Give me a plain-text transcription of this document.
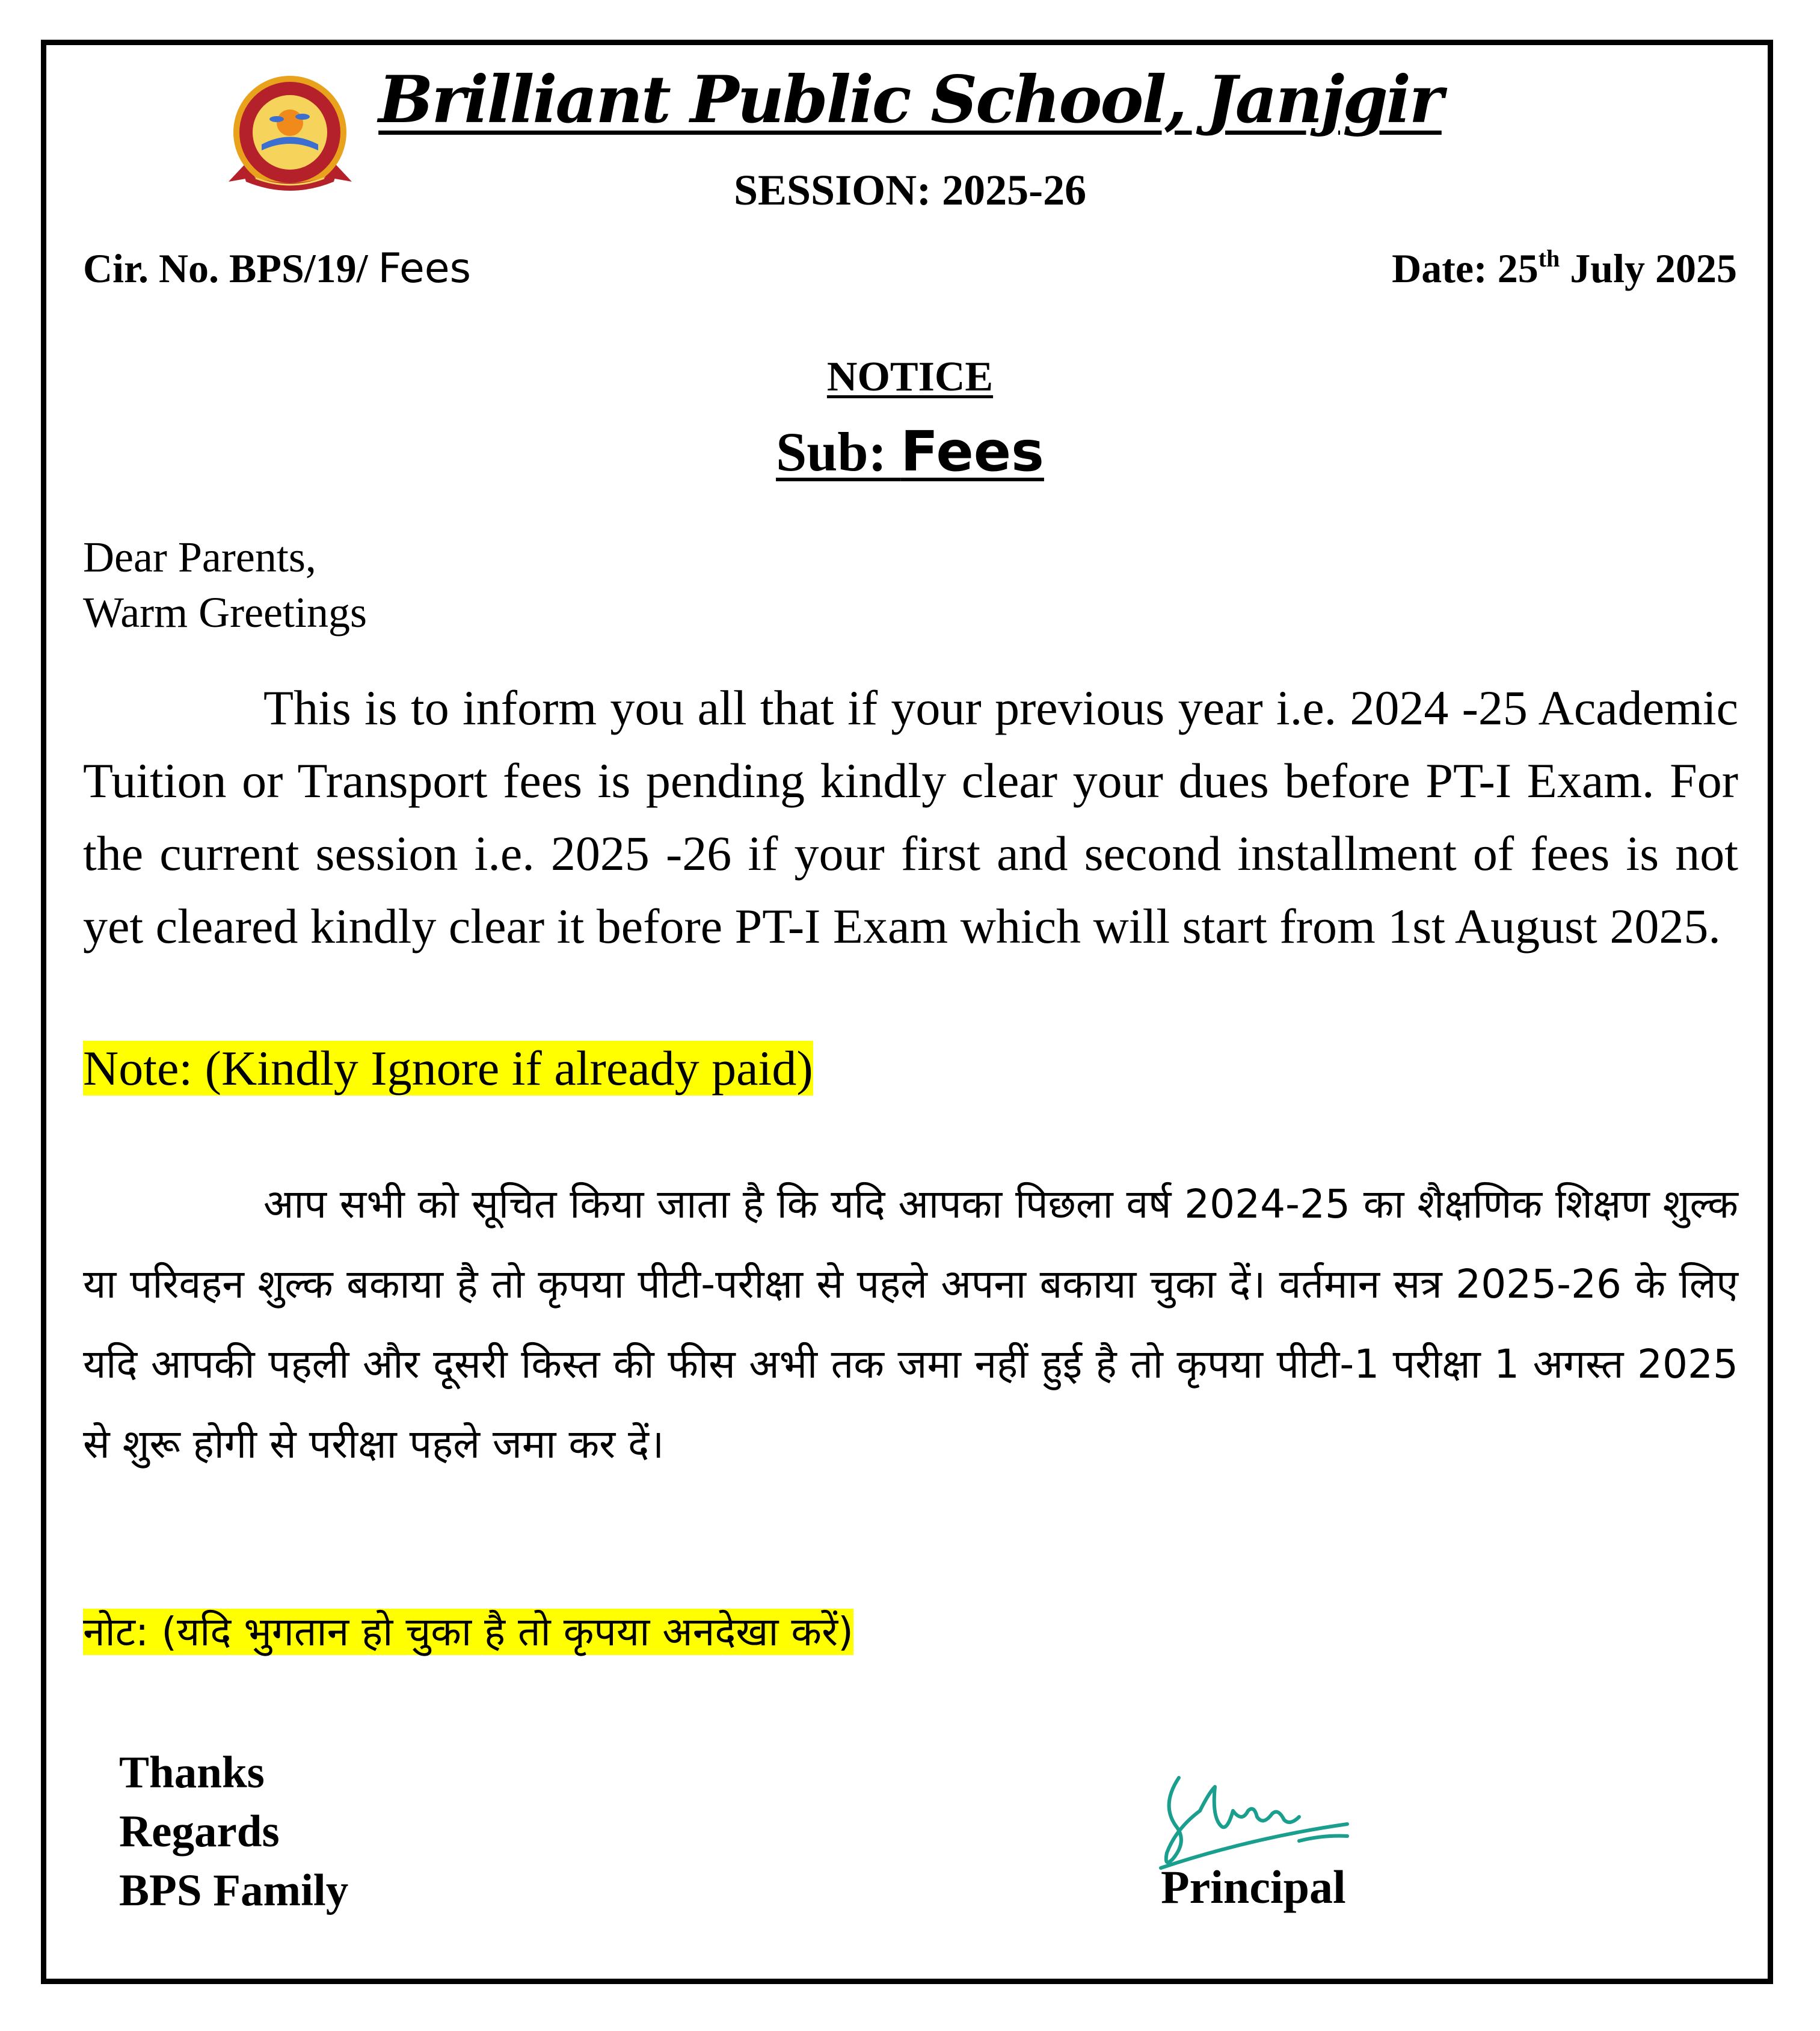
Brilliant Public School, Janjgir
SESSION: 2025-26
Cir. No. BPS/19/ Fees	Date: 25th July 2025
NOTICE
Sub: Fees
Dear Parents,
Warm Greetings
This is to inform you all that if your previous year i.e. 2024 -25 Academic Tuition or Transport fees is pending kindly clear your dues before PT-I Exam. For the current session i.e. 2025 -26 if your first and second installment of fees is not yet cleared kindly clear it before PT-I Exam which will start from 1st August 2025.
Note: (Kindly Ignore if already paid)
आप सभी को सूचित किया जाता है कि यदि आपका पिछला वर्ष 2024-25 का शैक्षणिक शिक्षण शुल्क या परिवहन शुल्क बकाया है तो कृपया पीटी-परीक्षा से पहले अपना बकाया चुका दें। वर्तमान सत्र 2025-26 के लिए यदि आपकी पहली और दूसरी किस्त की फीस अभी तक जमा नहीं हुई है तो कृपया पीटी-1 परीक्षा 1 अगस्त 2025 से शुरू होगी से परीक्षा पहले जमा कर दें।
नोट: (यदि भुगतान हो चुका है तो कृपया अनदेखा करें)
Thanks
Regards
BPS Family	Principal
